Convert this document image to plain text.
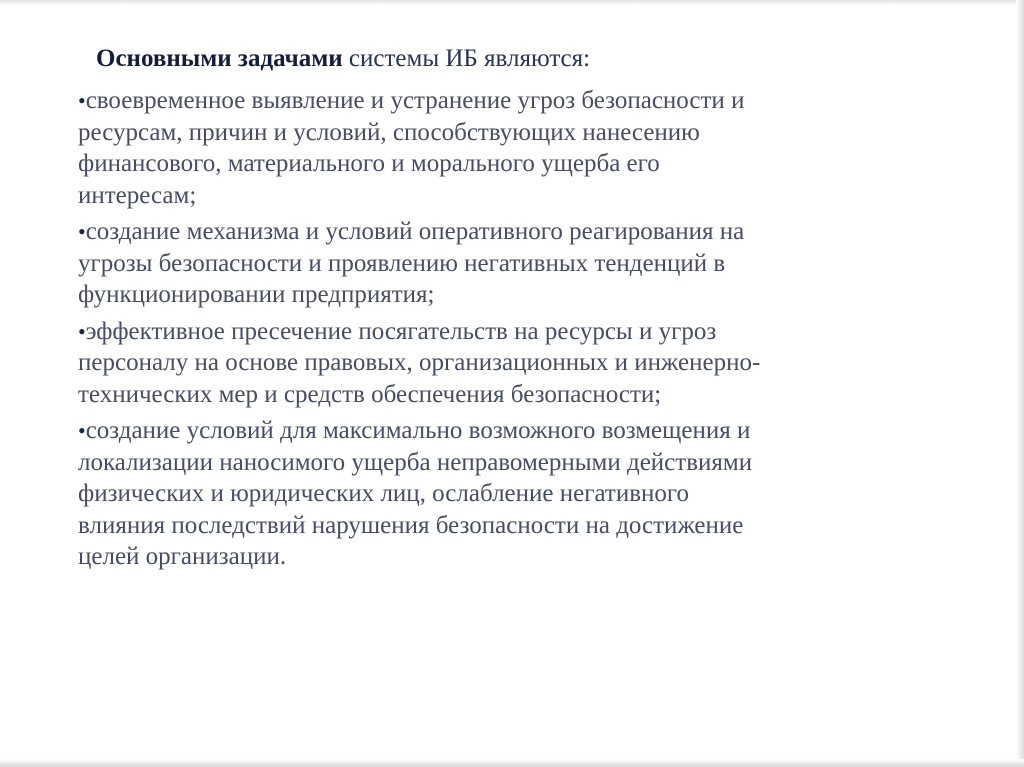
Основными задачами системы ИБ являются:

•своевременное выявление и устранение угроз безопасности и
ресурсам, причин и условий, способствующих нанесению
финансового, материального и морального ущерба его
интересам;

•создание механизма и условий оперативного реагирования на
угрозы безопасности и проявлению негативных тенденций в
функционировании предприятия;

•эффективное пресечение посягательств на ресурсы и угроз
персоналу на основе правовых, организационных и инженерно-
технических мер и средств обеспечения безопасности;

•создание условий для максимально возможного возмещения и
локализации наносимого ущерба неправомерными действиями
физических и юридических лиц, ослабление негативного
влияния последствий нарушения безопасности на достижение
целей организации.
